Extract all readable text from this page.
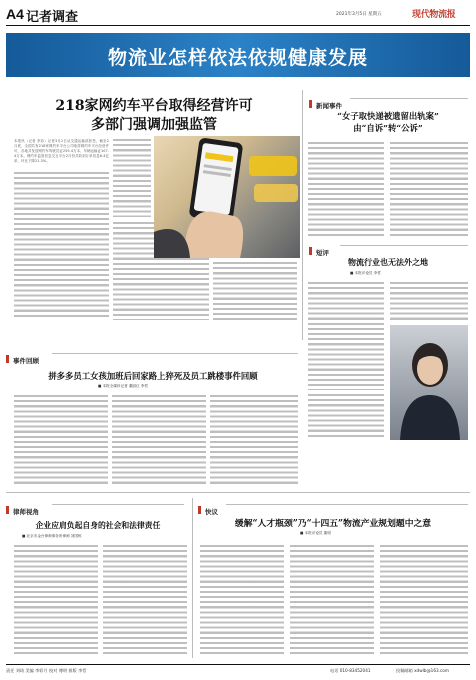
A4 记者调查	2021年3月5日 星期五	现代物流报
物流业怎样依法依规健康发展
218家网约车平台取得经营许可
多部门强调加强监管
本报讯（记者 李彩）记者3月2日从交通运输部获悉，截至2月底，全国共有218家网约车平台公司取得网约车平台经营许可，各地共发放网约车驾驶员证259.4万本、车辆运输证107.4万本。网约车监管信息交互平台2月份共收到订单信息6.4亿单，环比下降21.3%。
新闻事件
“女子取快递被遗留出轨案”
由“自诉”转“公诉”
短评
物流行业也无法外之地
■ 本报评论员 李哲
事件回顾
拼多多员工女孩加班后回家路上猝死及员工跳楼事件回顾
■ 本报全媒体记者 董丽红 李哲
律师视角
企业应肩负起自身的社会和法律责任
■ 北京市金台律师事务所律师 刘国栋
快议
缓解“人才瓶颈”乃“十四五”物流产业规划题中之意
■ 本报评论员 栗明
责任 刘琦 美编 李彩月 校对 傅明 排版 李哲	电话 010-83452041	投稿邮箱 xdwlb@163.com
